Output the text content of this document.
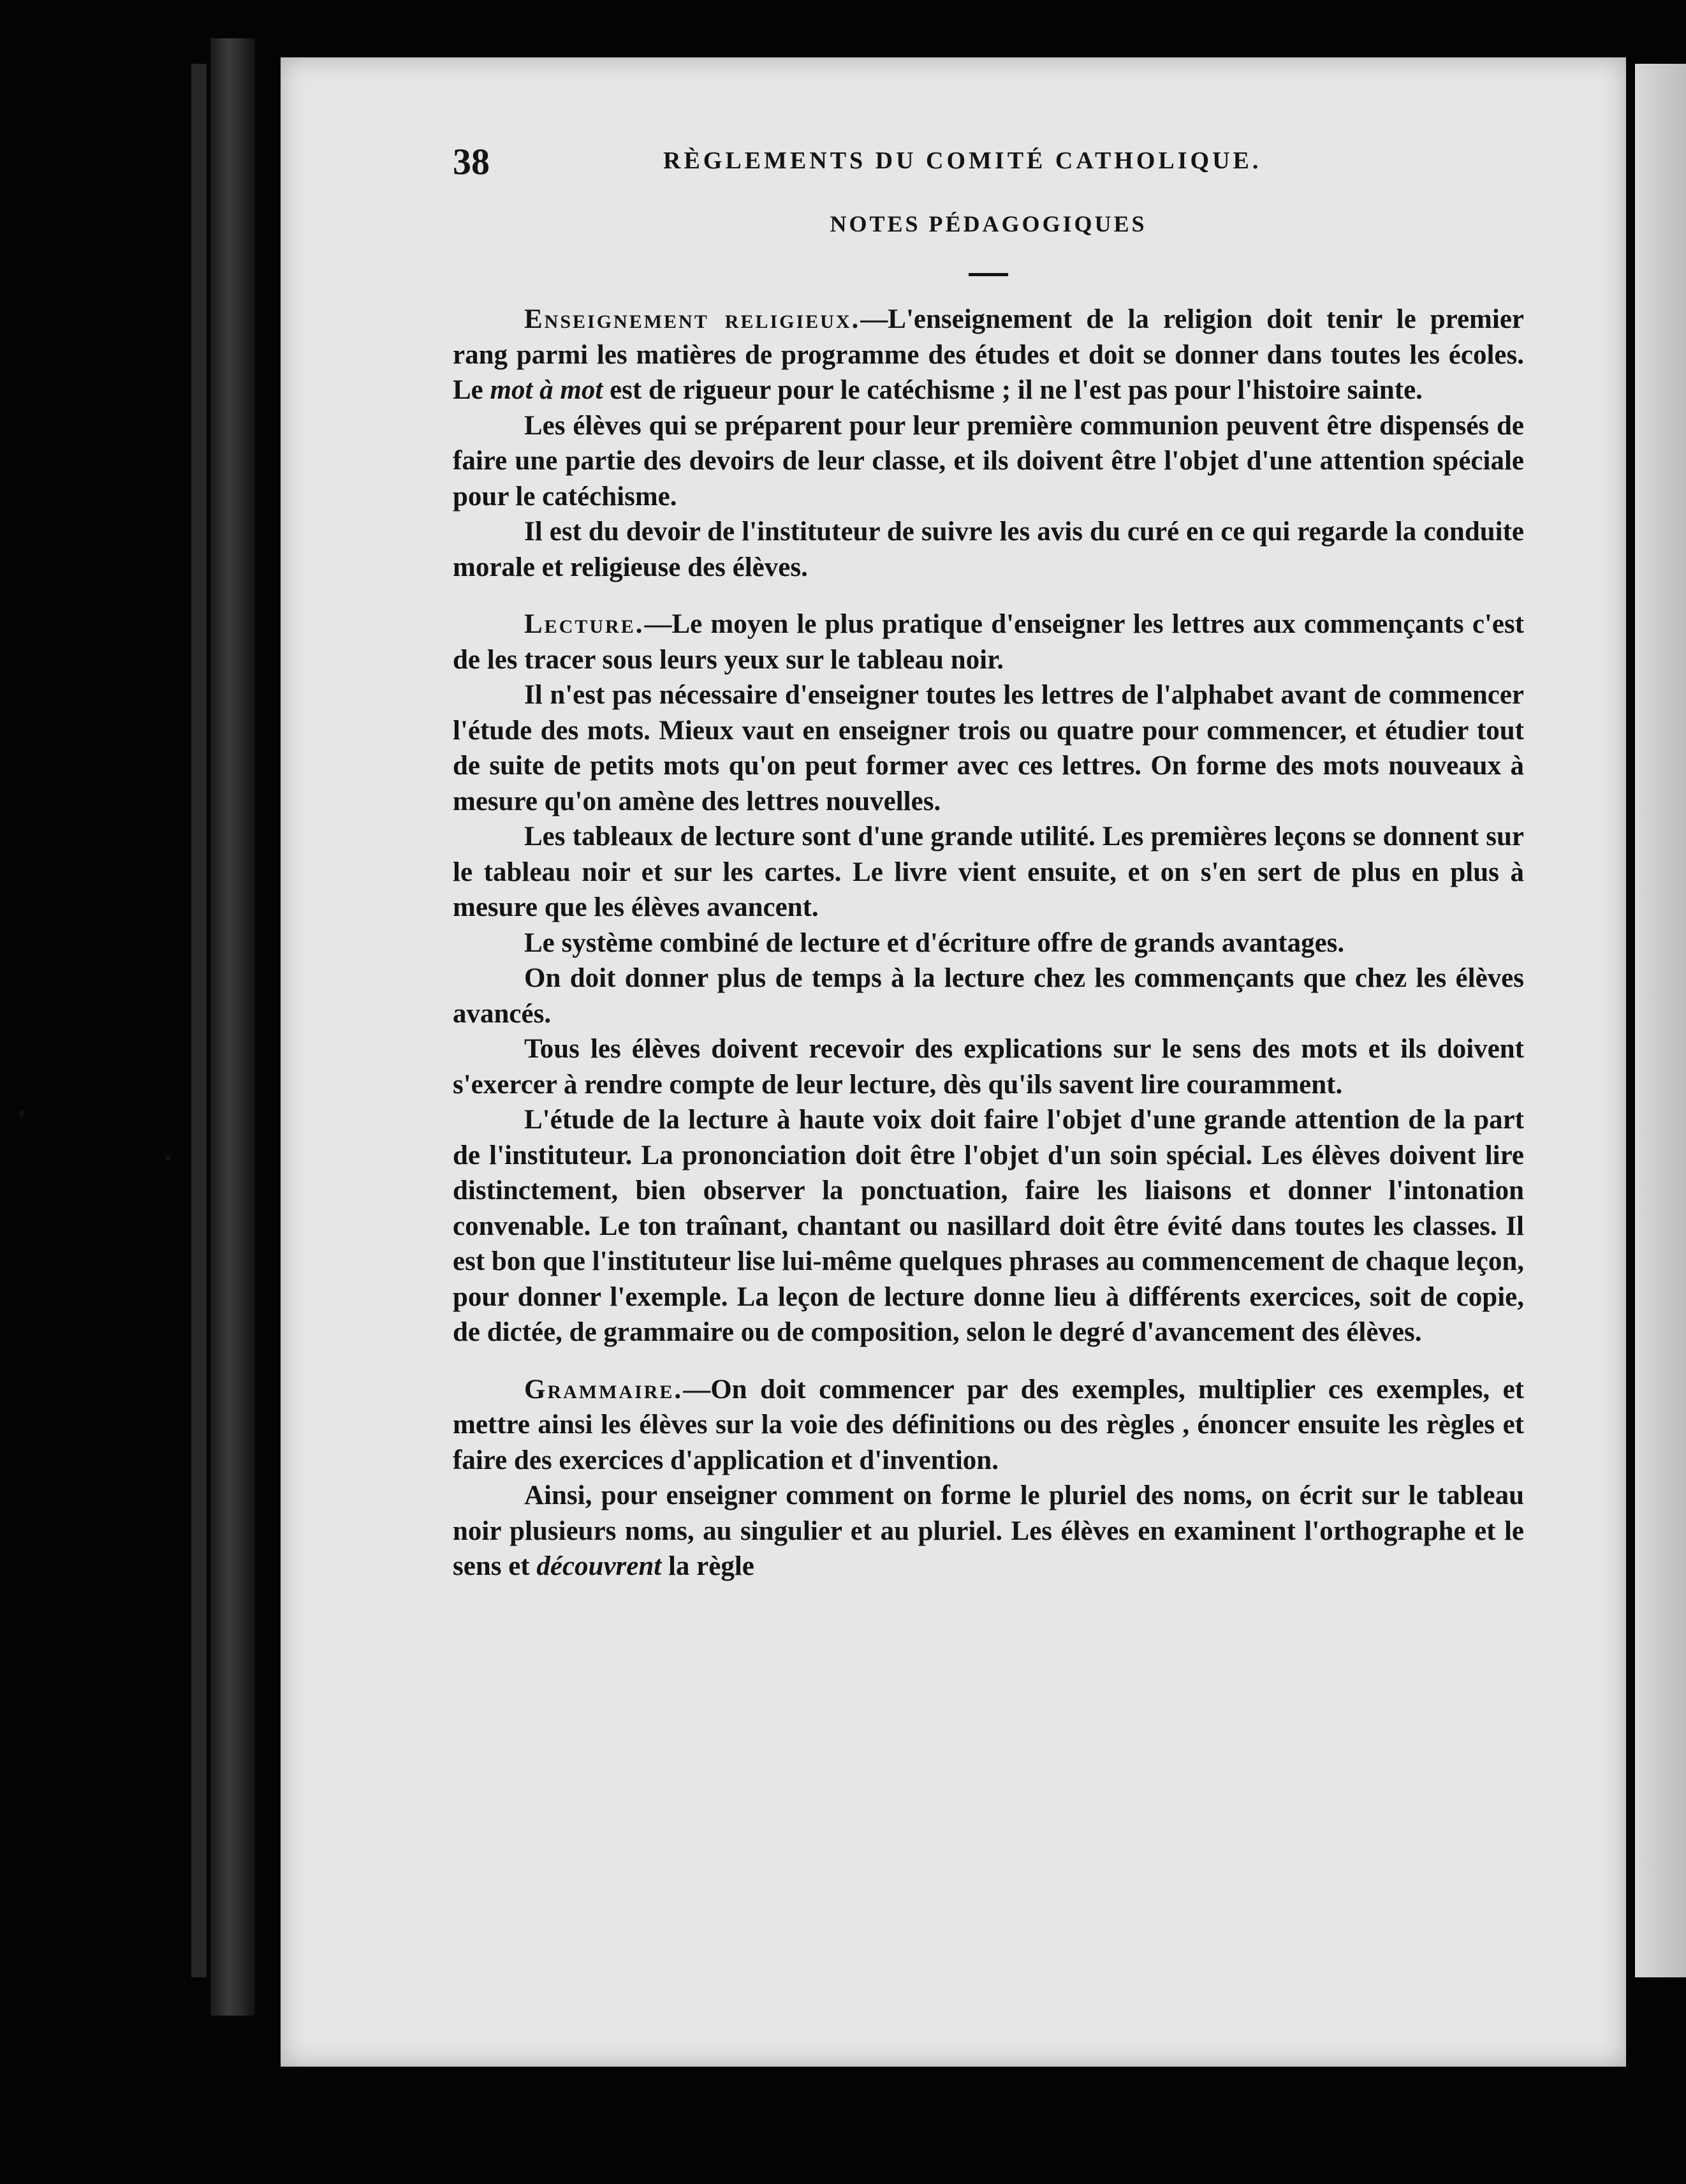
38	RÈGLEMENTS DU COMITÉ CATHOLIQUE.
NOTES PÉDAGOGIQUES

Enseignement religieux.—L'enseignement de la religion doit tenir le premier rang parmi les matières de programme des études et doit se donner dans toutes les écoles. Le mot à mot est de rigueur pour le catéchisme ; il ne l'est pas pour l'histoire sainte.

Les élèves qui se préparent pour leur première communion peuvent être dispensés de faire une partie des devoirs de leur classe, et ils doivent être l'objet d'une attention spéciale pour le catéchisme.

Il est du devoir de l'instituteur de suivre les avis du curé en ce qui regarde la conduite morale et religieuse des élèves.

Lecture.—Le moyen le plus pratique d'enseigner les lettres aux commençants c'est de les tracer sous leurs yeux sur le tableau noir.

Il n'est pas nécessaire d'enseigner toutes les lettres de l'alphabet avant de commencer l'étude des mots. Mieux vaut en enseigner trois ou quatre pour commencer, et étudier tout de suite de petits mots qu'on peut former avec ces lettres. On forme des mots nouveaux à mesure qu'on amène des lettres nouvelles.

Les tableaux de lecture sont d'une grande utilité. Les premières leçons se donnent sur le tableau noir et sur les cartes. Le livre vient ensuite, et on s'en sert de plus en plus à mesure que les élèves avancent.

Le système combiné de lecture et d'écriture offre de grands avantages.

On doit donner plus de temps à la lecture chez les commençants que chez les élèves avancés.

Tous les élèves doivent recevoir des explications sur le sens des mots et ils doivent s'exercer à rendre compte de leur lecture, dès qu'ils savent lire couramment.

L'étude de la lecture à haute voix doit faire l'objet d'une grande attention de la part de l'instituteur. La prononciation doit être l'objet d'un soin spécial. Les élèves doivent lire distinctement, bien observer la ponctuation, faire les liaisons et donner l'intonation convenable. Le ton traînant, chantant ou nasillard doit être évité dans toutes les classes. Il est bon que l'instituteur lise lui-même quelques phrases au commencement de chaque leçon, pour donner l'exemple. La leçon de lecture donne lieu à différents exercices, soit de copie, de dictée, de grammaire ou de composition, selon le degré d'avancement des élèves.

Grammaire.—On doit commencer par des exemples, multiplier ces exemples, et mettre ainsi les élèves sur la voie des définitions ou des règles , énoncer ensuite les règles et faire des exercices d'application et d'invention.

Ainsi, pour enseigner comment on forme le pluriel des noms, on écrit sur le tableau noir plusieurs noms, au singulier et au pluriel. Les élèves en examinent l'orthographe et le sens et découvrent la règle
